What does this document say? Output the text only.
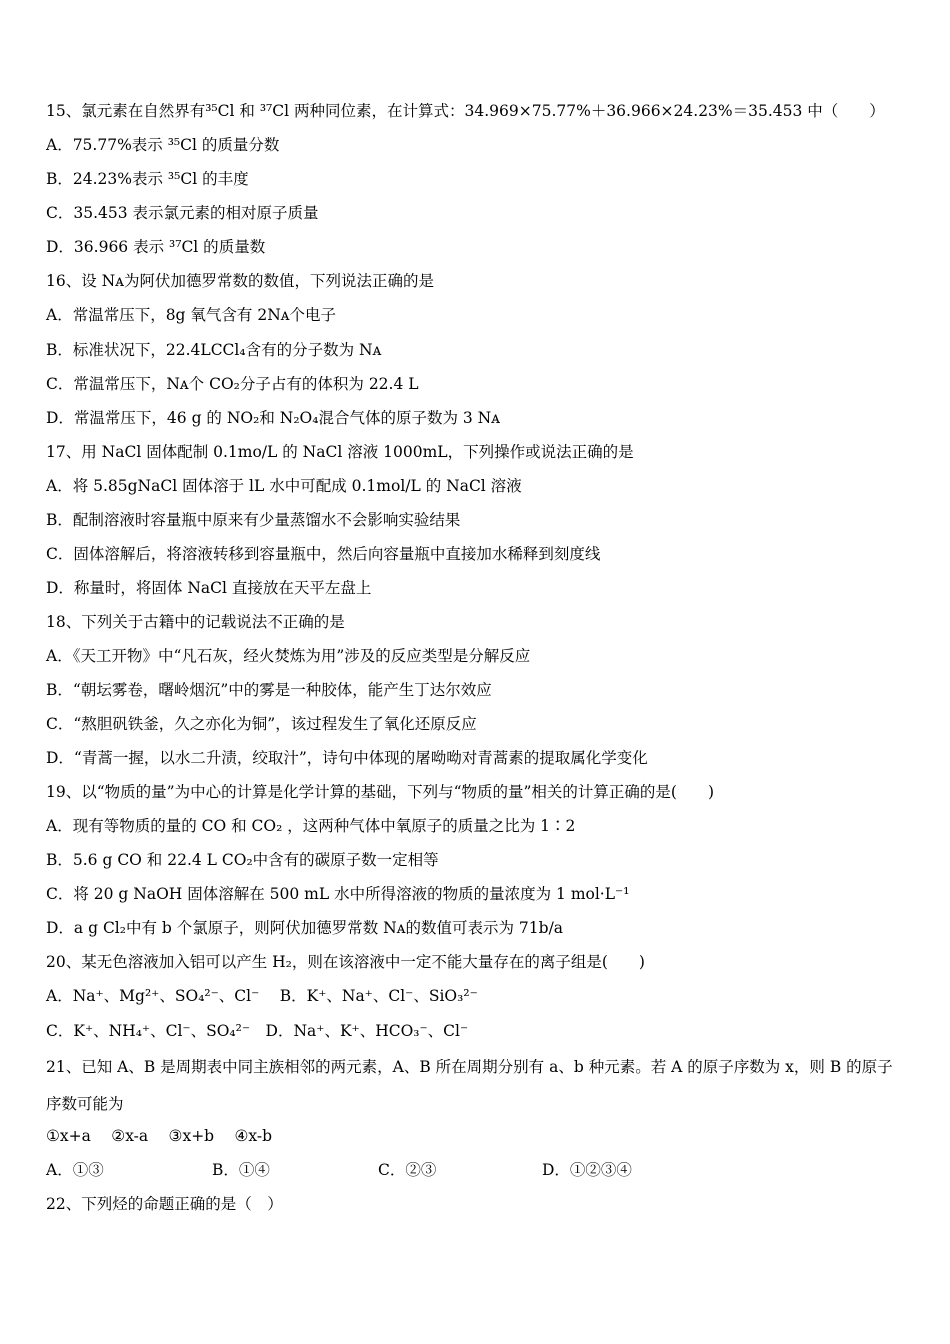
15、氯元素在自然界有³⁵Cl 和 ³⁷Cl 两种同位素，在计算式：34.969×75.77%＋36.966×24.23%＝35.453 中（　　）
A．75.77%表示 ³⁵Cl 的质量分数
B．24.23%表示 ³⁵Cl 的丰度
C．35.453 表示氯元素的相对原子质量
D．36.966 表示 ³⁷Cl 的质量数
16、设 Nᴀ为阿伏加德罗常数的数值，下列说法正确的是
A．常温常压下，8g 氧气含有 2Nᴀ个电子
B．标准状况下，22.4LCCl₄含有的分子数为 Nᴀ
C．常温常压下，Nᴀ个 CO₂分子占有的体积为 22.4 L
D．常温常压下，46 g 的 NO₂和 N₂O₄混合气体的原子数为 3 Nᴀ
17、用 NaCl 固体配制 0.1mo/L 的 NaCl 溶液 1000mL，下列操作或说法正确的是
A．将 5.85gNaCl 固体溶于 lL 水中可配成 0.1mol/L 的 NaCl 溶液
B．配制溶液时容量瓶中原来有少量蒸馏水不会影响实验结果
C．固体溶解后，将溶液转移到容量瓶中，然后向容量瓶中直接加水稀释到刻度线
D．称量时，将固体 NaCl 直接放在天平左盘上
18、下列关于古籍中的记载说法不正确的是
A．《天工开物》中“凡石灰，经火焚炼为用”涉及的反应类型是分解反应
B．“朝坛雾卷，曙岭烟沉”中的雾是一种胶体，能产生丁达尔效应
C．“熬胆矾铁釜，久之亦化为铜”，该过程发生了氧化还原反应
D．“青蒿一握，以水二升渍，绞取汁”，诗句中体现的屠呦呦对青蒿素的提取属化学变化
19、以“物质的量”为中心的计算是化学计算的基础，下列与“物质的量”相关的计算正确的是(　　)
A．现有等物质的量的 CO 和 CO₂ ，这两种气体中氧原子的质量之比为 1∶2
B．5.6 g CO 和 22.4 L CO₂中含有的碳原子数一定相等
C．将 20 g NaOH 固体溶解在 500 mL 水中所得溶液的物质的量浓度为 1 mol·L⁻¹
D．a g Cl₂中有 b 个氯原子，则阿伏加德罗常数 Nᴀ的数值可表示为 71b/a
20、某无色溶液加入铝可以产生 H₂，则在该溶液中一定不能大量存在的离子组是(　　)
A．Na⁺、Mg²⁺、SO₄²⁻、Cl⁻　 B．K⁺、Na⁺、Cl⁻、SiO₃²⁻
C．K⁺、NH₄⁺、Cl⁻、SO₄²⁻　D．Na⁺、K⁺、HCO₃⁻、Cl⁻
21、已知 A、B 是周期表中同主族相邻的两元素，A、B 所在周期分别有 a、b 种元素。若 A 的原子序数为 x，则 B 的原子
序数可能为
①x+a　 ②x-a　 ③x+b　 ④x-b
A．①③	B．①④	C．②③	D．①②③④
22、下列烃的命题正确的是（　）
